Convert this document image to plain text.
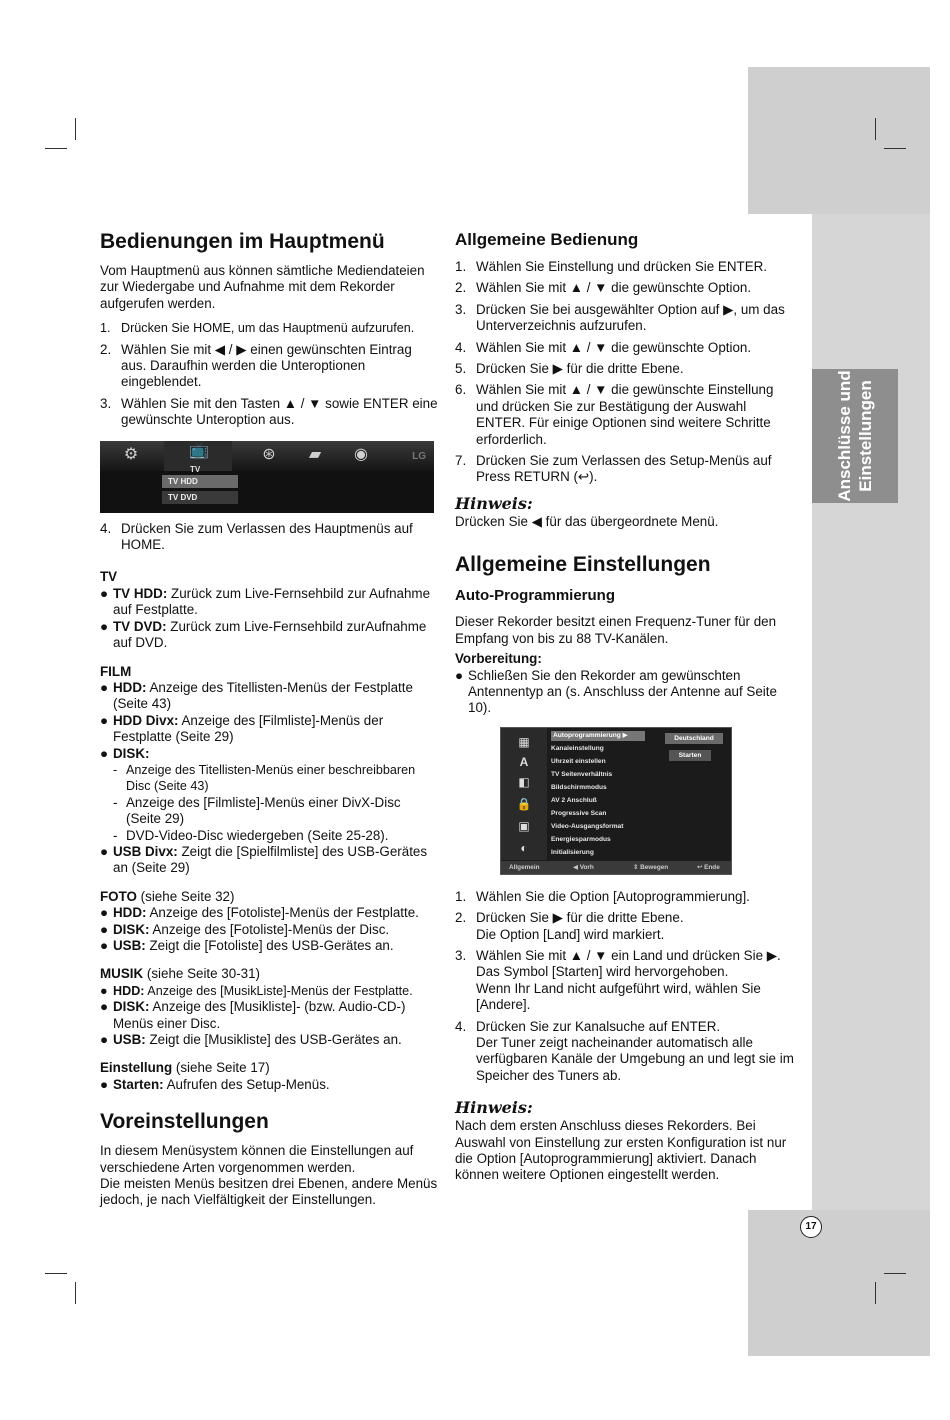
Anschlüsse und Einstellungen
17
Bedienungen im Hauptmenü

Vom Hauptmenü aus können sämtliche Mediendateien zur Wiedergabe und Aufnahme mit dem Rekorder aufgerufen werden.

1. Drücken Sie HOME, um das Hauptmenü aufzurufen.
2. Wählen Sie mit ◀ / ▶ einen gewünschten Eintrag aus. Daraufhin werden die Unteroptionen eingeblendet.
3. Wählen Sie mit den Tasten ▲ / ▼ sowie ENTER eine gewünschte Unteroption aus.
⚙	📺
TV
⊛	▰	◉	LG
TV HDD
TV DVD
4. Drücken Sie zum Verlassen des Hauptmenüs auf HOME.

TV

● TV HDD: Zurück zum Live-Fernsehbild zur Aufnahme auf Festplatte.
● TV DVD: Zurück zum Live-Fernsehbild zurAufnahme auf DVD.

FILM

● HDD: Anzeige des Titellisten-Menüs der Festplatte (Seite 43)
● HDD Divx: Anzeige des [Filmliste]-Menüs der Festplatte (Seite 29)
● DISK:
- Anzeige des Titellisten-Menüs einer beschreibbaren Disc (Seite 43)
- Anzeige des [Filmliste]-Menüs einer DivX-Disc (Seite 29)
- DVD-Video-Disc wiedergeben (Seite 25-28).
● USB Divx: Zeigt die [Spielfilmliste] des USB-Gerätes an (Seite 29)

FOTO (siehe Seite 32)

● HDD: Anzeige des [Fotoliste]-Menüs der Festplatte.
● DISK: Anzeige des [Fotoliste]-Menüs der Disc.
● USB: Zeigt die [Fotoliste] des USB-Gerätes an.

MUSIK (siehe Seite 30-31)

● HDD: Anzeige des [MusikListe]-Menüs der Festplatte.
● DISK: Anzeige des [Musikliste]- (bzw. Audio-CD-) Menüs einer Disc.
● USB: Zeigt die [Musikliste] des USB-Gerätes an.

Einstellung (siehe Seite 17)

● Starten: Aufrufen des Setup-Menüs.
Voreinstellungen

In diesem Menüsystem können die Einstellungen auf verschiedene Arten vorgenommen werden.

Die meisten Menüs besitzen drei Ebenen, andere Menüs jedoch, je nach Vielfältigkeit der Einstellungen.

Allgemeine Bedienung
1. Wählen Sie Einstellung und drücken Sie ENTER.
2. Wählen Sie mit ▲ / ▼ die gewünschte Option.
3. Drücken Sie bei ausgewählter Option auf ▶, um das Unterverzeichnis aufzurufen.
4. Wählen Sie mit ▲ / ▼ die gewünschte Option.
5. Drücken Sie ▶ für die dritte Ebene.
6. Wählen Sie mit ▲ / ▼ die gewünschte Einstellung und drücken Sie zur Bestätigung der Auswahl ENTER. Für einige Optionen sind weitere Schritte erforderlich.
7. Drücken Sie zum Verlassen des Setup-Menüs auf Press RETURN (↩).

Hinweis:

Drücken Sie ◀ für das übergeordnete Menü.

Allgemeine Einstellungen
Auto-Programmierung

Dieser Rekorder besitzt einen Frequenz-Tuner für den Empfang von bis zu 88 TV-Kanälen.

Vorbereitung:

● Schließen Sie den Rekorder am gewünschten Antennentyp an (s. Anschluss der Antenne auf Seite 10).
▦
A
◧
🔒
▣
◐
Autoprogrammierung ▶
Kanaleinstellung
Uhrzeit einstellen
TV Seitenverhältnis
Bildschirmmodus
AV 2 Anschluß
Progressive Scan
Video-Ausgangsformat
Energiesparmodus
Initialisierung
Deutschland
Starten
Allgemein	◀ Vorh	⇕ Bewegen	↩ Ende
1. Wählen Sie die Option [Autoprogrammierung].
2. Drücken Sie ▶ für die dritte Ebene.
Die Option [Land] wird markiert.
3. Wählen Sie mit ▲ / ▼ ein Land und drücken Sie ▶. Das Symbol [Starten] wird hervorgehoben.
Wenn Ihr Land nicht aufgeführt wird, wählen Sie [Andere].
4. Drücken Sie zur Kanalsuche auf ENTER.
Der Tuner zeigt nacheinander automatisch alle verfügbaren Kanäle der Umgebung an und legt sie im Speicher des Tuners ab.

Hinweis:

Nach dem ersten Anschluss dieses Rekorders. Bei Auswahl von Einstellung zur ersten Konfiguration ist nur die Option [Autoprogrammierung] aktiviert. Danach können weitere Optionen eingestellt werden.
